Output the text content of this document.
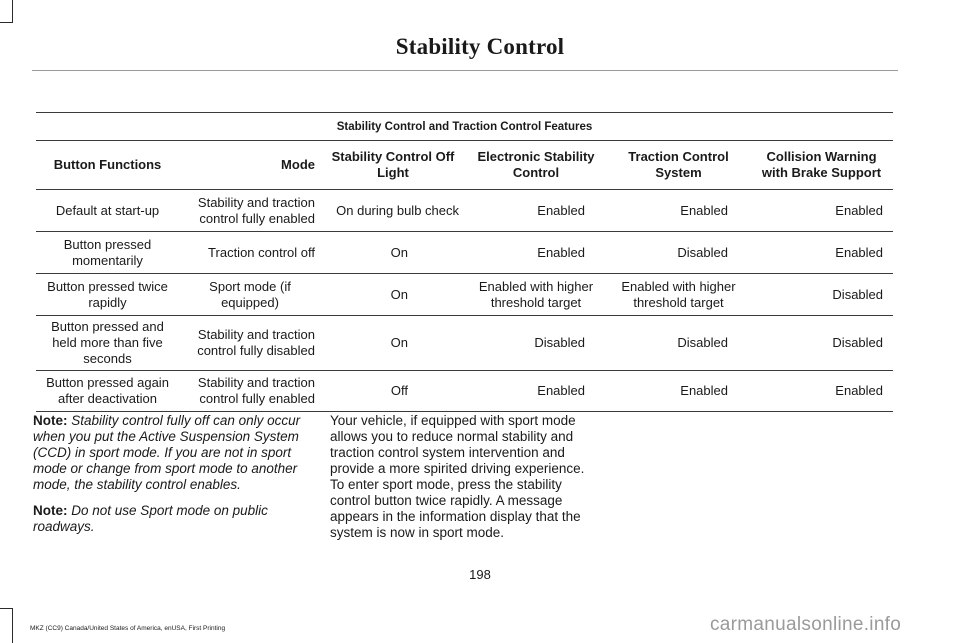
Stability Control
Stability Control and Traction Control Features					
Button Functions	Mode	Stability Control Off Light	Electronic Stability Control	Traction Control System	Collision Warning with Brake Support
Default at start-up	Stability and traction control fully enabled	On during bulb check	Enabled	Enabled	Enabled
Button pressed momentarily	Traction control off	On	Enabled	Disabled	Enabled
Button pressed twice rapidly	Sport mode (if equipped)	On	Enabled with higher threshold target	Enabled with higher threshold target	Disabled
Button pressed and held more than five seconds	Stability and traction control fully disabled	On	Disabled	Disabled	Disabled
Button pressed again after deactivation	Stability and traction control fully enabled	Off	Enabled	Enabled	Enabled

Note: Stability control fully off can only occur when you put the Active Suspension System (CCD) in sport mode. If you are not in sport mode or change from sport mode to another mode, the stability control enables.

Note: Do not use Sport mode on public roadways.

Your vehicle, if equipped with sport mode allows you to reduce normal stability and traction control system intervention and provide a more spirited driving experience. To enter sport mode, press the stability control button twice rapidly. A message appears in the information display that the system is now in sport mode.
198
MKZ (CC9) Canada/United States of America, enUSA, First Printing	carmanualsonline.info
